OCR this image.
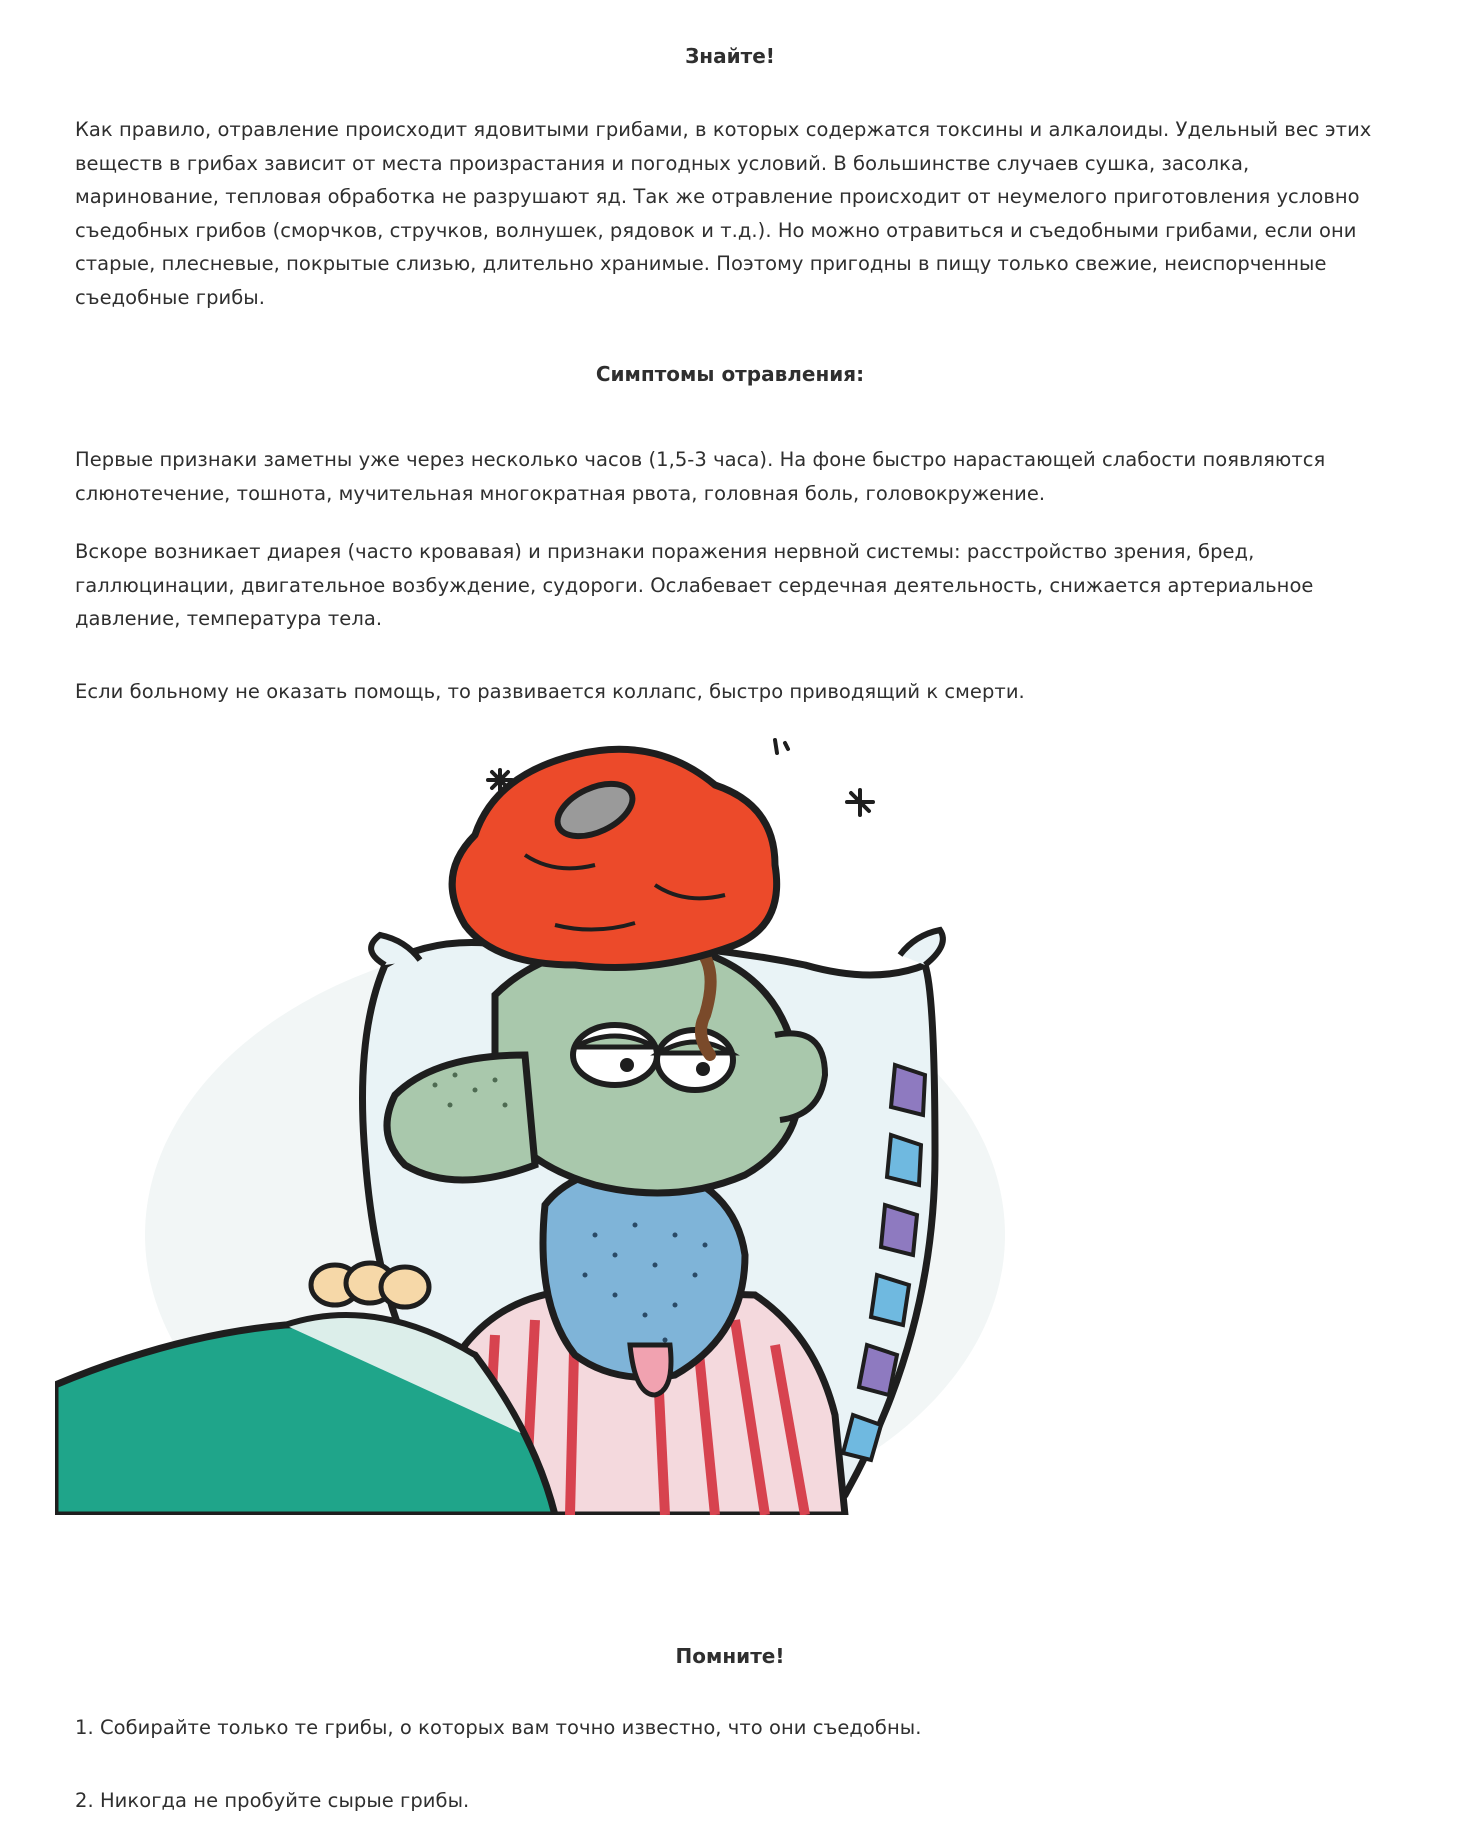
Знайте!

Как правило, отравление происходит ядовитыми грибами, в которых содержатся токсины и алкалоиды. Удельный вес этих веществ в грибах зависит от места произрастания и погодных условий. В большинстве случаев сушка, засолка, маринование, тепловая обработка не разрушают яд. Так же отравление происходит от неумелого приготовления условно съедобных грибов (сморчков, стручков, волнушек, рядовок и т.д.). Но можно отравиться и съедобными грибами, если они старые, плесневые, покрытые слизью, длительно хранимые. Поэтому пригодны в пищу только свежие, неиспорченные съедобные грибы.

Симптомы отравления:

Первые признаки заметны уже через несколько часов (1,5-3 часа). На фоне быстро нарастающей слабости появляются слюнотечение, тошнота, мучительная многократная рвота, головная боль, головокружение.

Вскоре возникает диарея (часто кровавая) и признаки поражения нервной системы: расстройство зрения, бред, галлюцинации, двигательное возбуждение, судороги. Ослабевает сердечная деятельность, снижается артериальное давление, температура тела.

Если больному не оказать помощь, то развивается коллапс, быстро приводящий к смерти.

Помните!

1. Собирайте только те грибы, о которых вам точно известно, что они съедобны.

2. Никогда не пробуйте сырые грибы.
